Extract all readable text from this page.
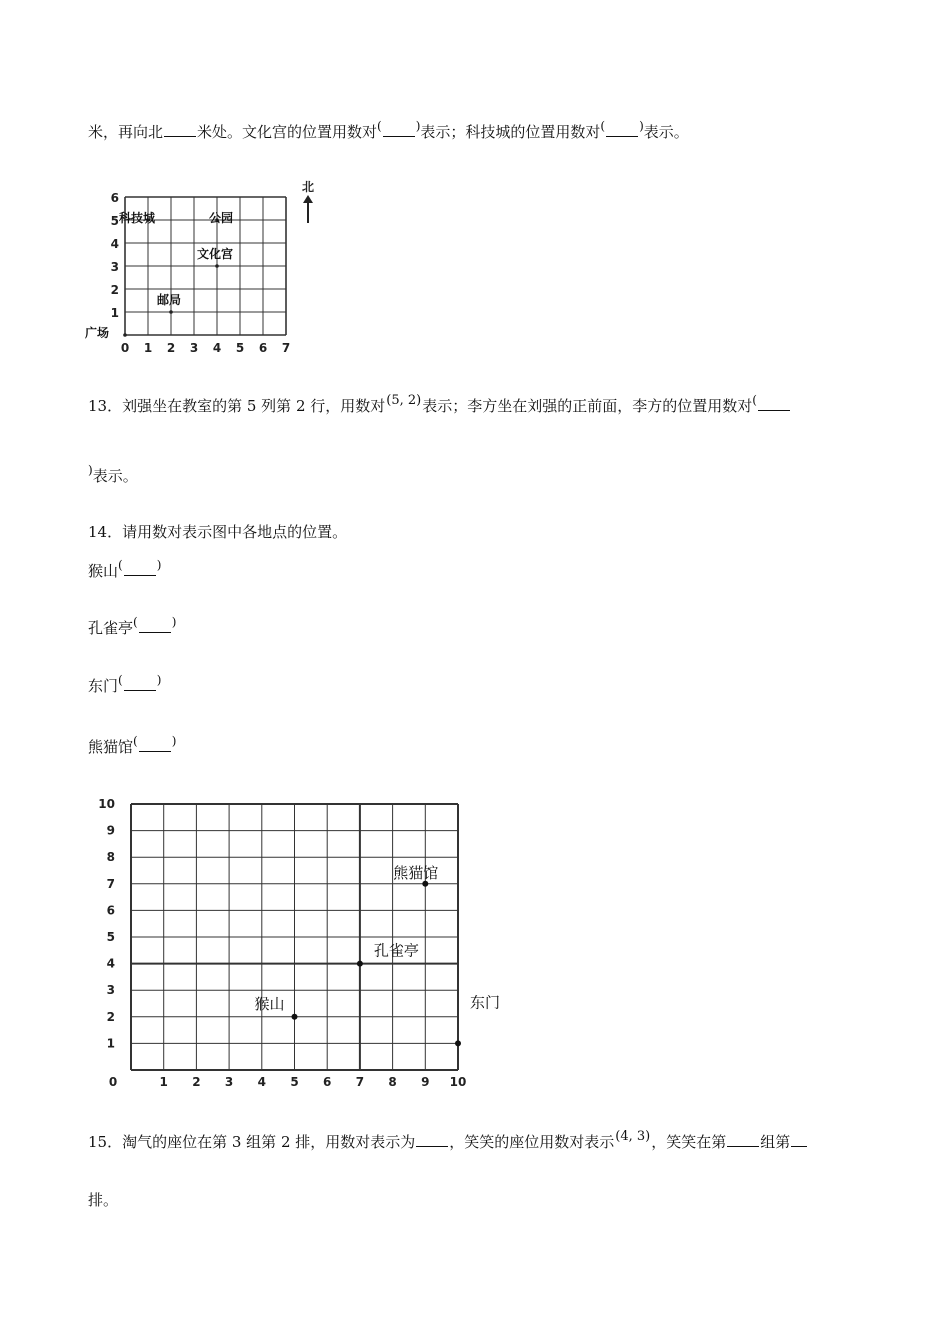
米，再向北 米处。文化宫的位置用数对(	)表示；科技城的位置用数对(	)表示。
0 1 2 3 4 5 6 7
1
2
3
4
5
6
北
广场
邮局
文化宫
科技城	公园
13．刘强坐在教室的第 5 列第 2 行，用数对(5, 2)表示；李方坐在刘强的正前面，李方的位置用数对(
)表示。
14．请用数对表示图中各地点的位置。
猴山(	)
孔雀亭(	)
东门(	)
熊猫馆(	)
0	1 2 3 4 5 6 7 8 9 10
1
2
3
4
5
6
7
8
9
10
猴山
孔雀亭
东门
熊猫馆
15．淘气的座位在第 3 组第 2 排，用数对表示为 ，笑笑的座位用数对表示(4, 3)，笑笑在第 组第
排。
